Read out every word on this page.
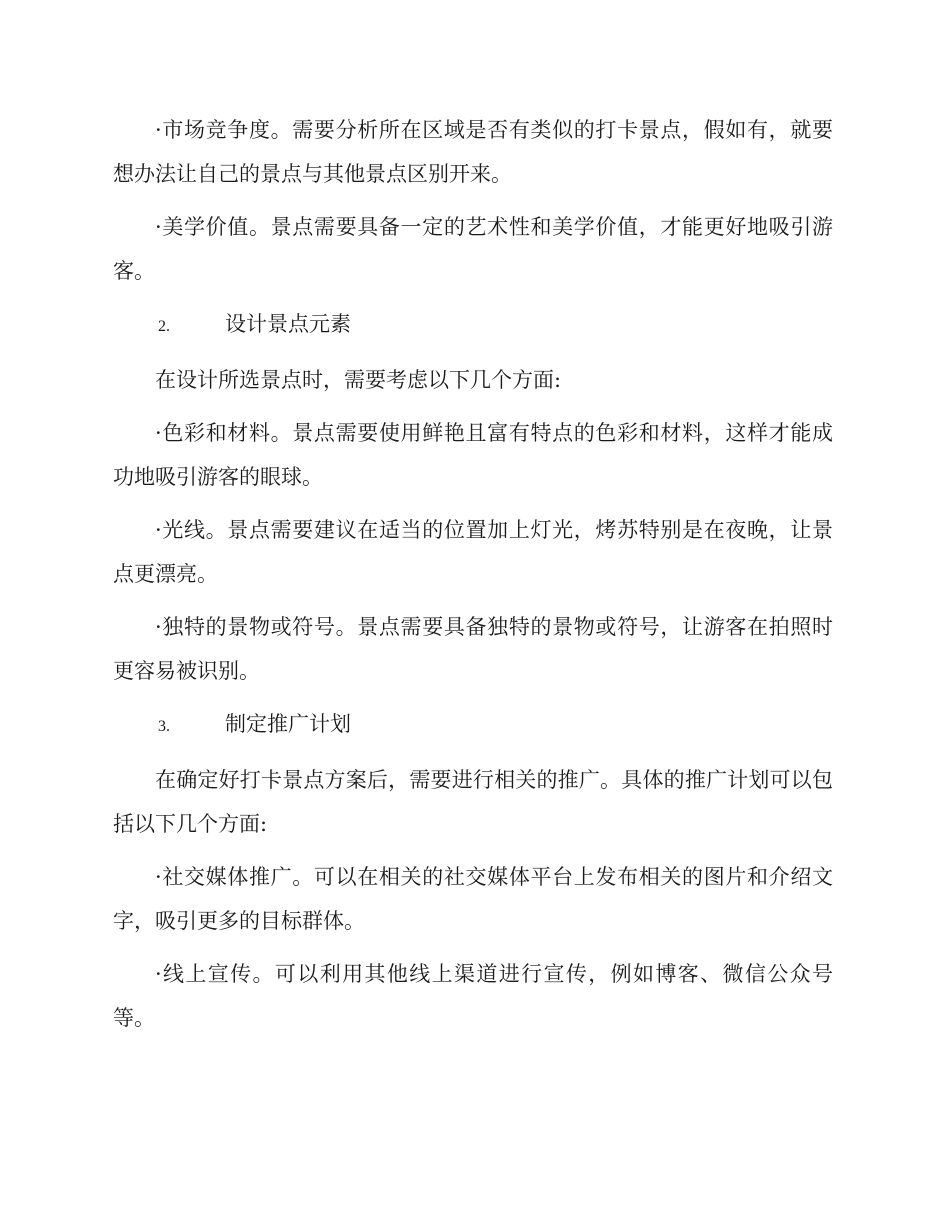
·市场竞争度。需要分析所在区域是否有类似的打卡景点，假如有，就要想办法让自己的景点与其他景点区别开来。

·美学价值。景点需要具备一定的艺术性和美学价值，才能更好地吸引游客。

2.	设计景点元素

在设计所选景点时，需要考虑以下几个方面:

·色彩和材料。景点需要使用鲜艳且富有特点的色彩和材料，这样才能成功地吸引游客的眼球。

·光线。景点需要建议在适当的位置加上灯光，烤苏特别是在夜晚，让景点更漂亮。

·独特的景物或符号。景点需要具备独特的景物或符号，让游客在拍照时更容易被识别。

3.	制定推广计划

在确定好打卡景点方案后，需要进行相关的推广。具体的推广计划可以包括以下几个方面:

·社交媒体推广。可以在相关的社交媒体平台上发布相关的图片和介绍文字，吸引更多的目标群体。

·线上宣传。可以利用其他线上渠道进行宣传，例如博客、微信公众号等。
